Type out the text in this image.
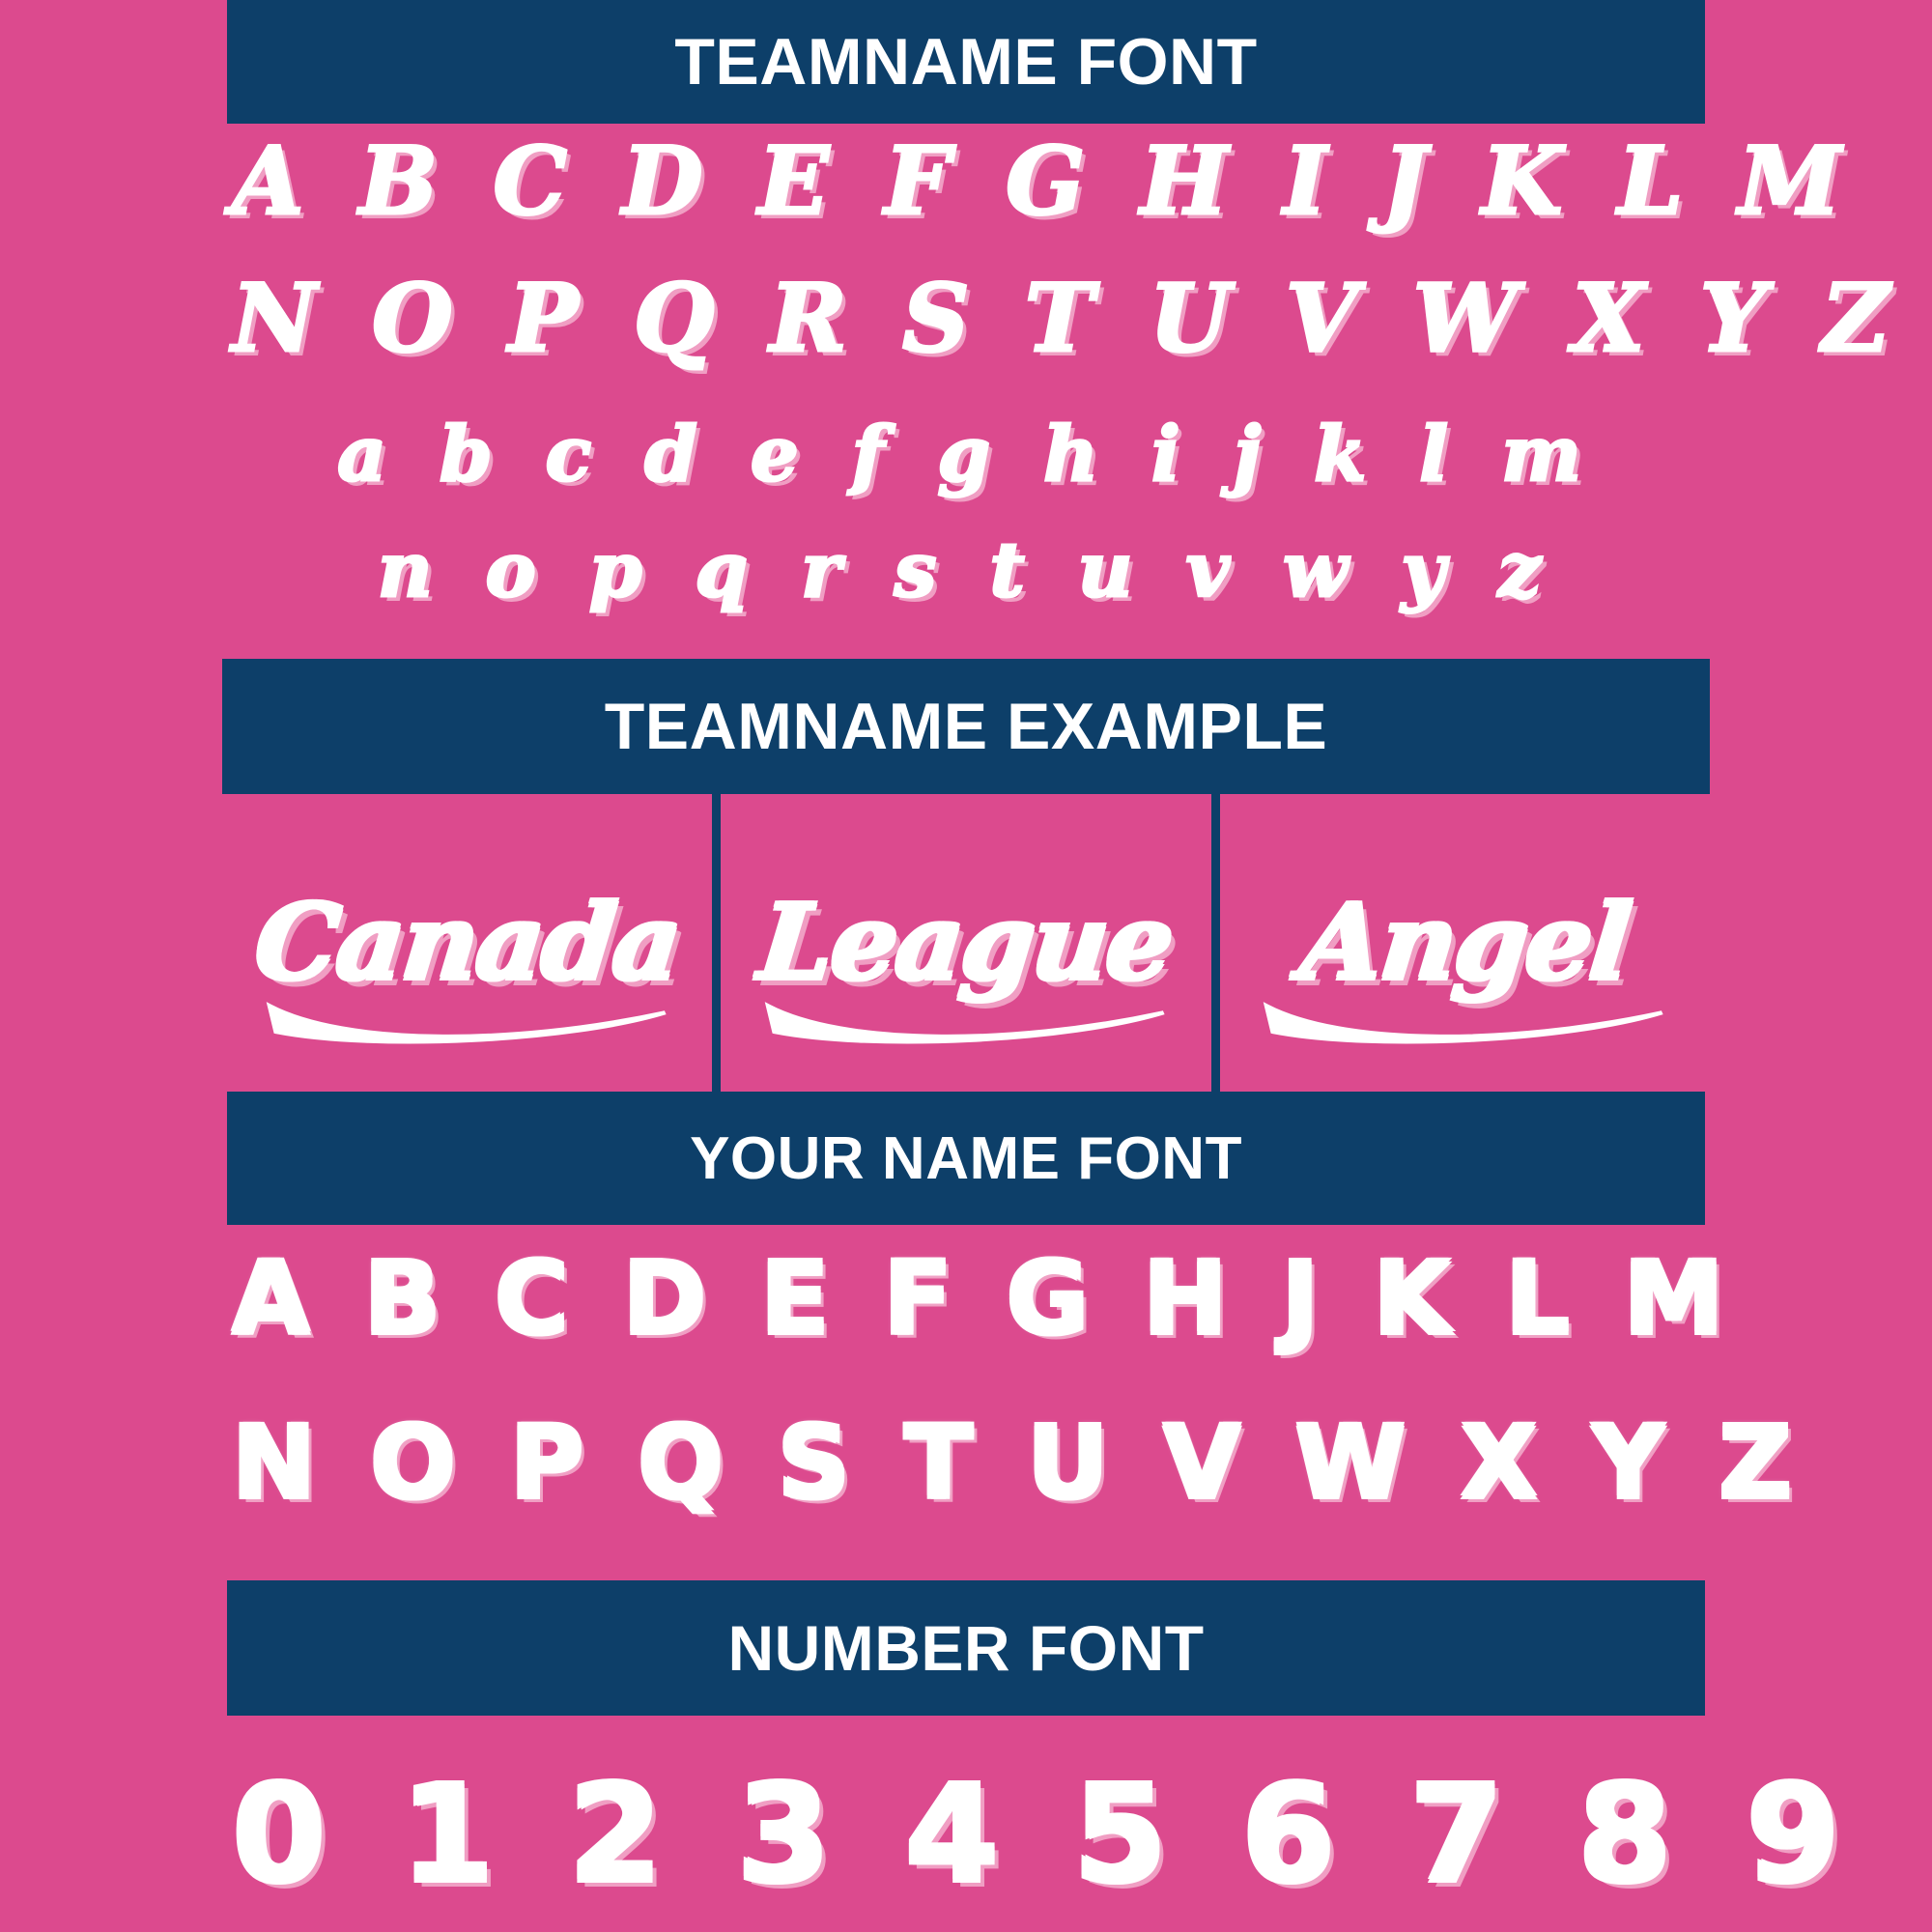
TEAMNAME FONT
A B C D E F G H I J K L M
N O P Q R S T U V W X Y Z
a b c d e f g h i j k l m
n o p q r s t u v w y z
TEAMNAME EXAMPLE
Canada League Angel
YOUR NAME FONT
A B C D E F G H J K L M
N O P Q S T U V W X Y Z
NUMBER FONT
0 1 2 3 4 5 6 7 8 9
